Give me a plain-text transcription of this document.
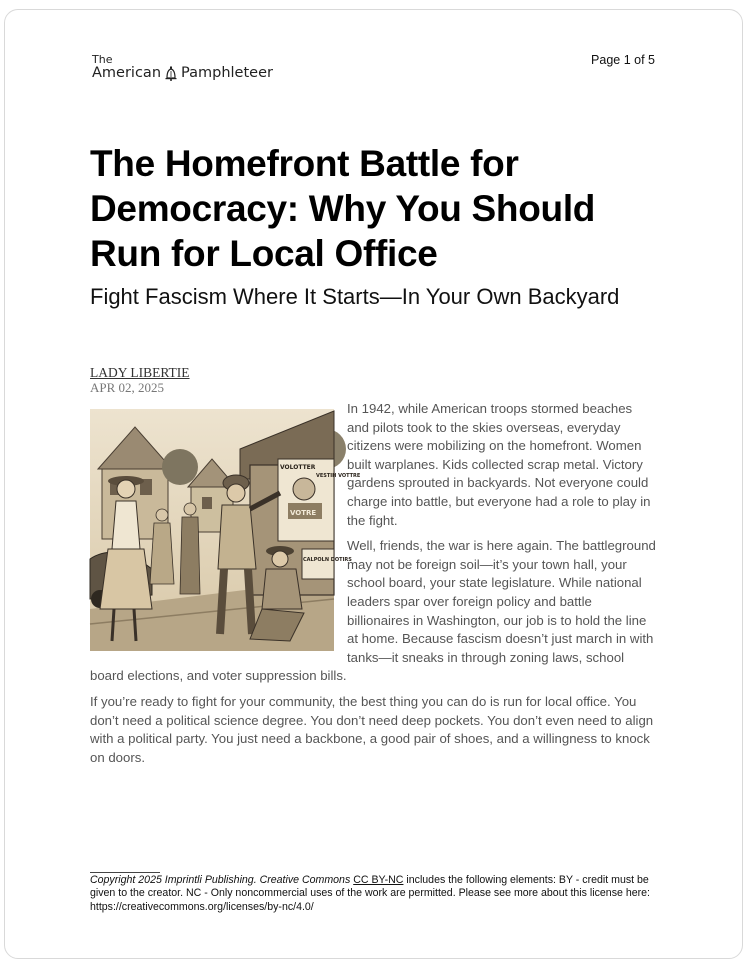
The
American Pamphleteer
Page 1 of 5
The Homefront Battle for Democracy: Why You Should Run for Local Office
Fight Fascism Where It Starts—In Your Own Backyard
LADY LIBERTIE
APR 02, 2025
VOLOTTER
VESTIH VOTTRE
VOTRE
CALPOLN DOTIRS

In 1942, while American troops stormed beaches and pilots took to the skies overseas, everyday citizens were mobilizing on the homefront. Women built warplanes. Kids collected scrap metal. Victory gardens sprouted in backyards. Not everyone could charge into battle, but everyone had a role to play in the fight.

Well, friends, the war is here again. The battleground may not be foreign soil—it’s your town hall, your school board, your state legislature. While national leaders spar over foreign policy and battle billionaires in Washington, our job is to hold the line at home. Because fascism doesn’t just march in with tanks—it sneaks in through zoning laws, school board elections, and voter suppression bills.

If you’re ready to fight for your community, the best thing you can do is run for local office. You don’t need a political science degree. You don’t need deep pockets. You don’t even need to align with a political party. You just need a backbone, a good pair of shoes, and a willingness to knock on doors.

Copyright 2025 Imprintli Publishing. Creative Commons CC BY-NC includes the following elements: BY - credit must be given to the creator. NC - Only noncommercial uses of the work are permitted. Please see more about this license here: https://creativecommons.org/licenses/by-nc/4.0/
